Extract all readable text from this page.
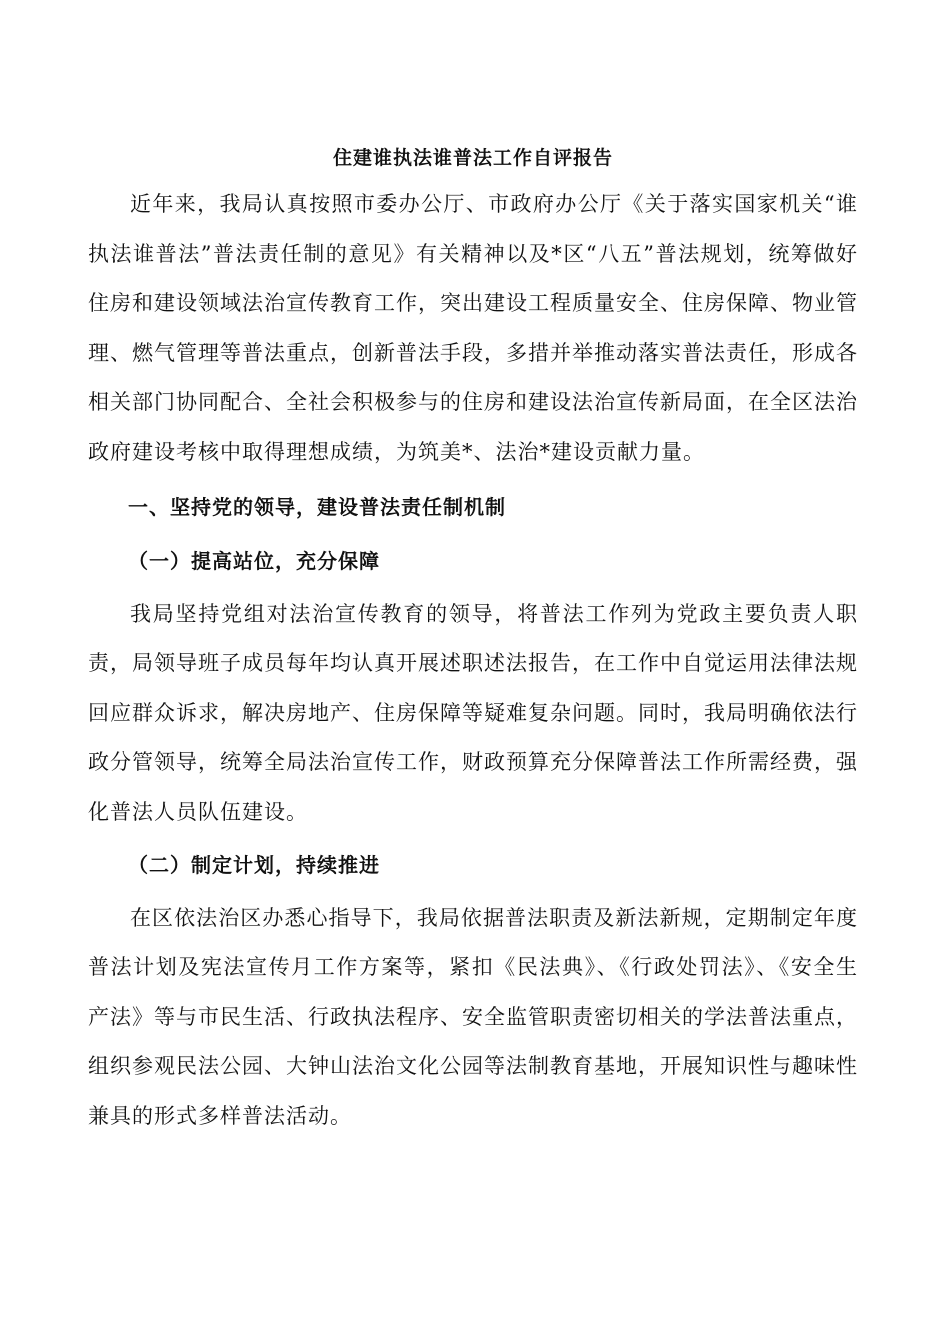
住建谁执法谁普法工作自评报告

近年来，我局认真按照市委办公厅、市政府办公厅《关于落实国家机关“谁执法谁普法”普法责任制的意见》有关精神以及*区“八五”普法规划，统筹做好住房和建设领域法治宣传教育工作，突出建设工程质量安全、住房保障、物业管理、燃气管理等普法重点，创新普法手段，多措并举推动落实普法责任，形成各相关部门协同配合、全社会积极参与的住房和建设法治宣传新局面，在全区法治政府建设考核中取得理想成绩，为筑美*、法治*建设贡献力量。

一、坚持党的领导，建设普法责任制机制
（一）提高站位，充分保障

我局坚持党组对法治宣传教育的领导，将普法工作列为党政主要负责人职责，局领导班子成员每年均认真开展述职述法报告，在工作中自觉运用法律法规回应群众诉求，解决房地产、住房保障等疑难复杂问题。同时，我局明确依法行政分管领导，统筹全局法治宣传工作，财政预算充分保障普法工作所需经费，强化普法人员队伍建设。

（二）制定计划，持续推进

在区依法治区办悉心指导下，我局依据普法职责及新法新规，定期制定年度普法计划及宪法宣传月工作方案等，紧扣《民法典》、《行政处罚法》、《安全生产法》等与市民生活、行政执法程序、安全监管职责密切相关的学法普法重点，组织参观民法公园、大钟山法治文化公园等法制教育基地，开展知识性与趣味性兼具的形式多样普法活动。
